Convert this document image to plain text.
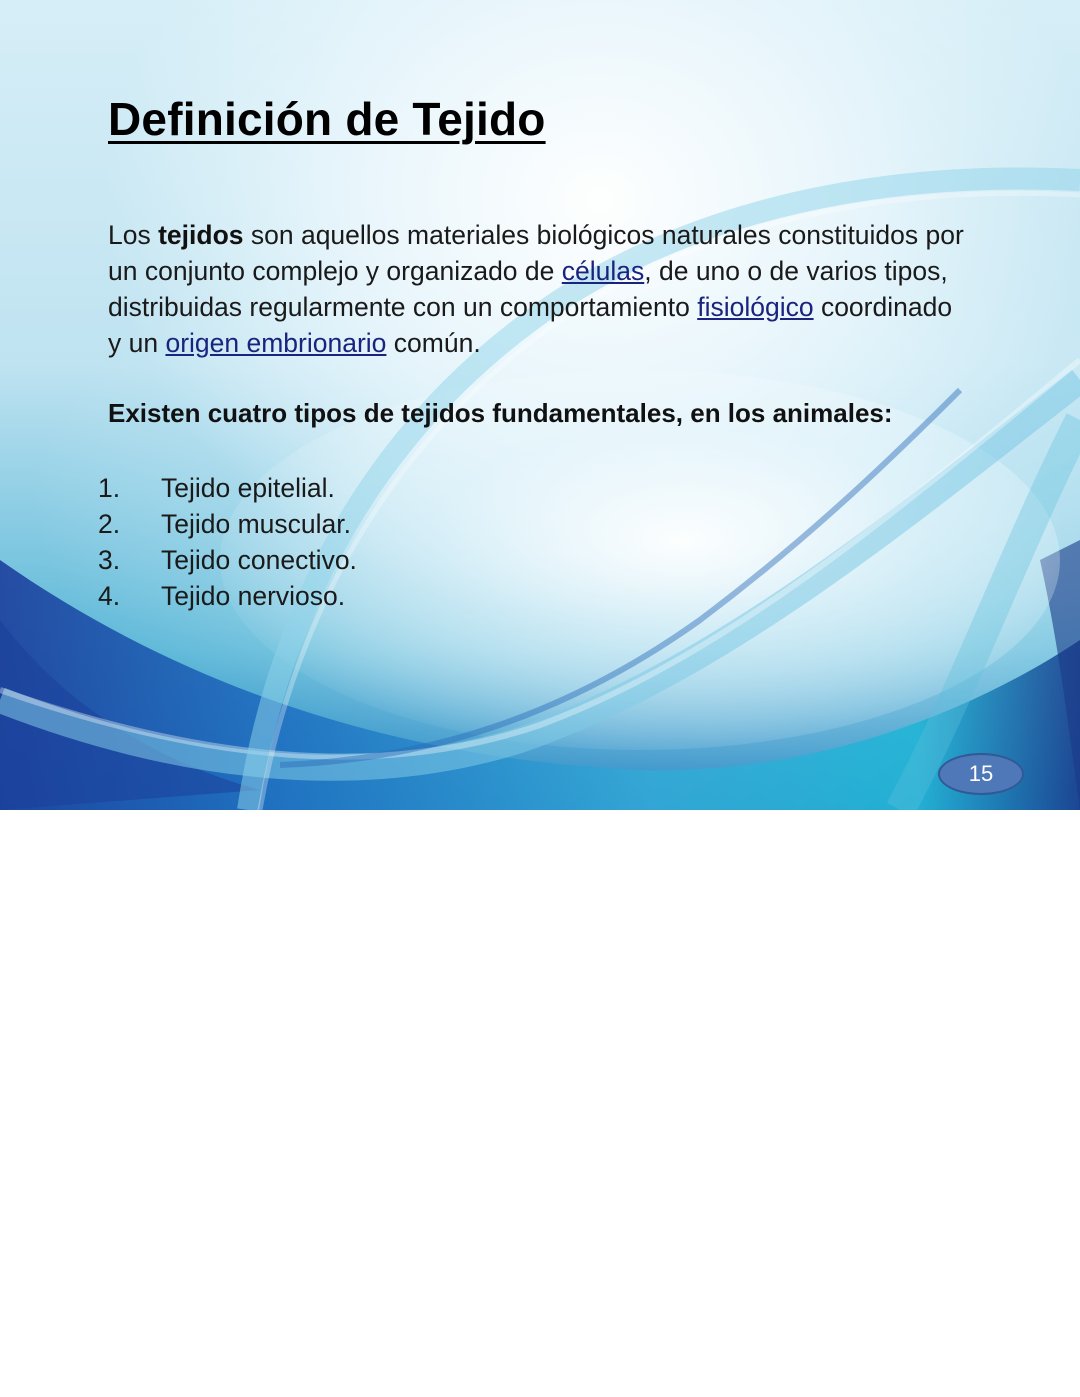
Definición de Tejido
Los tejidos son aquellos materiales biológicos naturales constituidos por un conjunto complejo y organizado de células, de uno o de varios tipos, distribuidas regularmente con un comportamiento fisiológico coordinado y un origen embrionario común.
Existen cuatro tipos de tejidos fundamentales, en los animales:
1.	Tejido epitelial.
2.	Tejido muscular.
3.	Tejido conectivo.
4.	Tejido nervioso.
15
